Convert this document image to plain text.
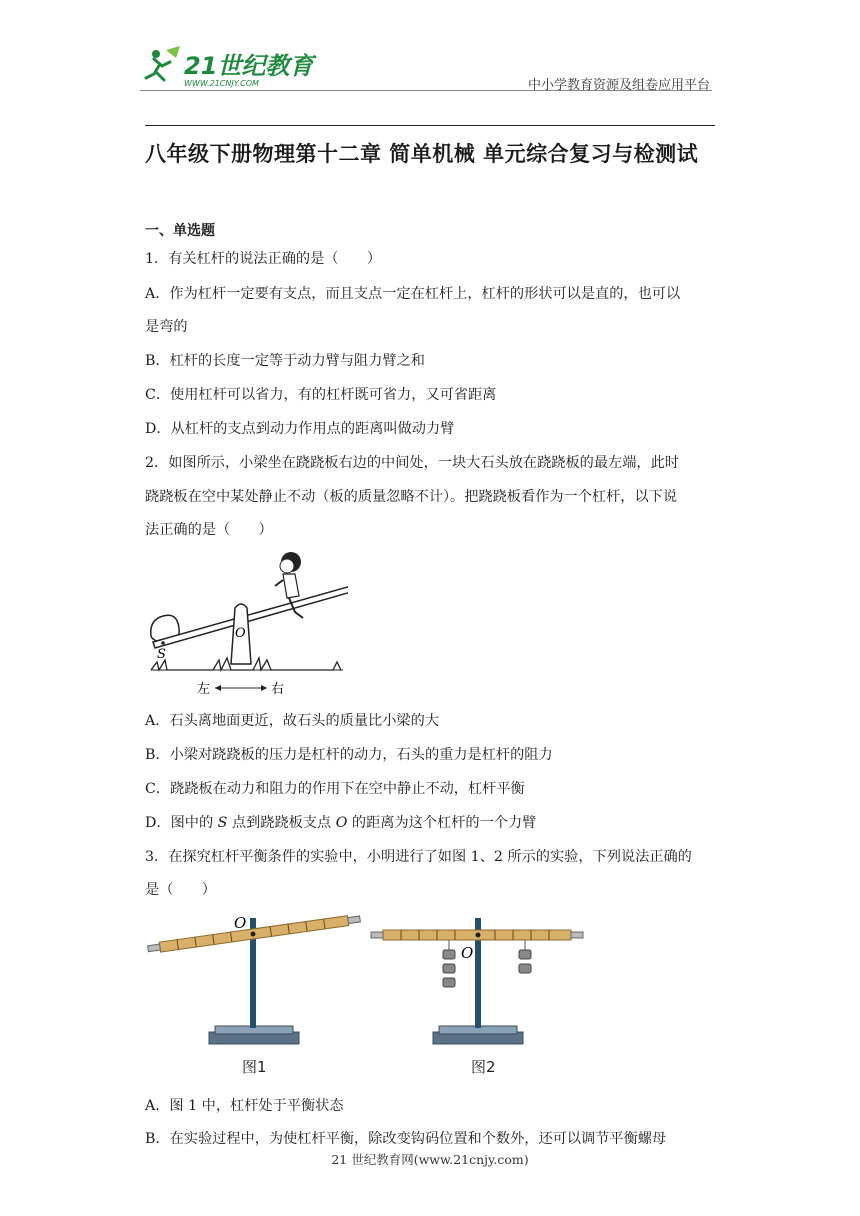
21世纪教育
WWW.21CNJY.COM	中小学教育资源及组卷应用平台
八年级下册物理第十二章 简单机械 单元综合复习与检测试
一、单选题
1．有关杠杆的说法正确的是（　　）
A．作为杠杆一定要有支点，而且支点一定在杠杆上，杠杆的形状可以是直的，也可以
是弯的
B．杠杆的长度一定等于动力臂与阻力臂之和
C．使用杠杆可以省力，有的杠杆既可省力，又可省距离
D．从杠杆的支点到动力作用点的距离叫做动力臂
2．如图所示，小梁坐在跷跷板右边的中间处，一块大石头放在跷跷板的最左端，此时
跷跷板在空中某处静止不动（板的质量忽略不计）。把跷跷板看作为一个杠杆，以下说
法正确的是（　　）
S
O
左	右
A．石头离地面更近，故石头的质量比小梁的大
B．小梁对跷跷板的压力是杠杆的动力，石头的重力是杠杆的阻力
C．跷跷板在动力和阻力的作用下在空中静止不动，杠杆平衡
D．图中的 S 点到跷跷板支点 O 的距离为这个杠杆的一个力臂
3．在探究杠杆平衡条件的实验中，小明进行了如图 1、2 所示的实验，下列说法正确的
是（　　）
O
O
图1	图2
A．图 1 中，杠杆处于平衡状态
B．在实验过程中，为使杠杆平衡，除改变钩码位置和个数外，还可以调节平衡螺母
21 世纪教育网(www.21cnjy.com)
